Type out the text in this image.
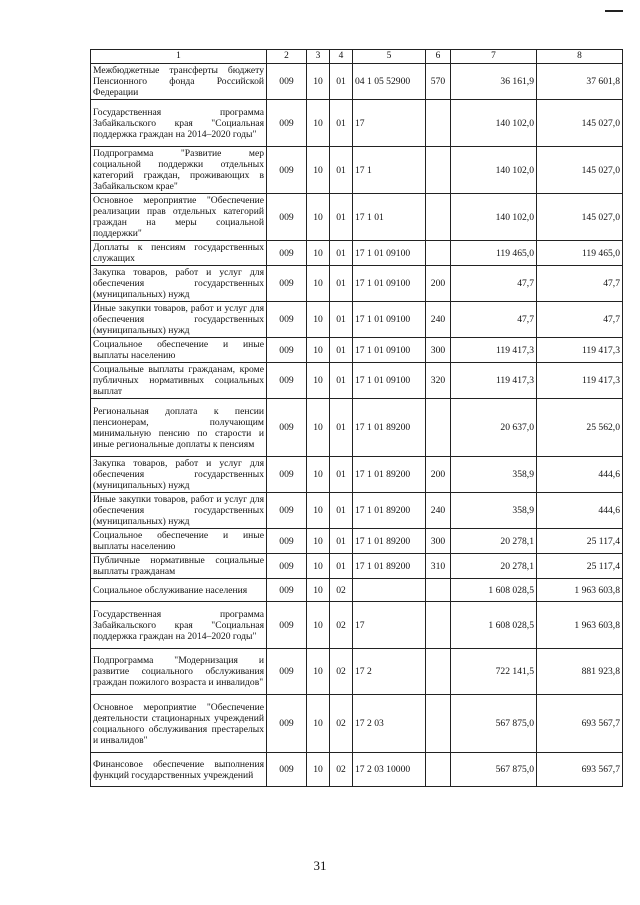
1	2	3	4	5	6	7	8
Межбюджетные трансферты бюджету Пенсионного фонда Российской Федерации	009	10	01	04 1 05 52900	570	36 161,9	37 601,8
Государственная программа Забайкальского края "Социальная поддержка граждан на 2014–2020 годы"	009	10	01	17		140 102,0	145 027,0
Подпрограмма "Развитие мер социальной поддержки отдельных категорий граждан, проживающих в Забайкальском крае"	009	10	01	17 1		140 102,0	145 027,0
Основное мероприятие "Обеспечение реализации прав отдельных категорий граждан на меры социальной поддержки"	009	10	01	17 1 01		140 102,0	145 027,0
Доплаты к пенсиям государственных служащих	009	10	01	17 1 01 09100		119 465,0	119 465,0
Закупка товаров, работ и услуг для обеспечения государственных (муниципальных) нужд	009	10	01	17 1 01 09100	200	47,7	47,7
Иные закупки товаров, работ и услуг для обеспечения государственных (муниципальных) нужд	009	10	01	17 1 01 09100	240	47,7	47,7
Социальное обеспечение и иные выплаты населению	009	10	01	17 1 01 09100	300	119 417,3	119 417,3
Социальные выплаты гражданам, кроме публичных нормативных социальных выплат	009	10	01	17 1 01 09100	320	119 417,3	119 417,3
Региональная доплата к пенсии пенсионерам, получающим минимальную пенсию по старости и иные региональные доплаты к пенсиям	009	10	01	17 1 01 89200		20 637,0	25 562,0
Закупка товаров, работ и услуг для обеспечения государственных (муниципальных) нужд	009	10	01	17 1 01 89200	200	358,9	444,6
Иные закупки товаров, работ и услуг для обеспечения государственных (муниципальных) нужд	009	10	01	17 1 01 89200	240	358,9	444,6
Социальное обеспечение и иные выплаты населению	009	10	01	17 1 01 89200	300	20 278,1	25 117,4
Публичные нормативные социальные выплаты гражданам	009	10	01	17 1 01 89200	310	20 278,1	25 117,4
Социальное обслуживание населения	009	10	02			1 608 028,5	1 963 603,8
Государственная программа Забайкальского края "Социальная поддержка граждан на 2014–2020 годы"	009	10	02	17		1 608 028,5	1 963 603,8
Подпрограмма "Модернизация и развитие социального обслуживания граждан пожилого возраста и инвалидов"	009	10	02	17 2		722 141,5	881 923,8
Основное мероприятие "Обеспечение деятельности стационарных учреждений социального обслуживания престарелых и инвалидов"	009	10	02	17 2 03		567 875,0	693 567,7
Финансовое обеспечение выполнения функций государственных учреждений	009	10	02	17 2 03 10000		567 875,0	693 567,7
31
